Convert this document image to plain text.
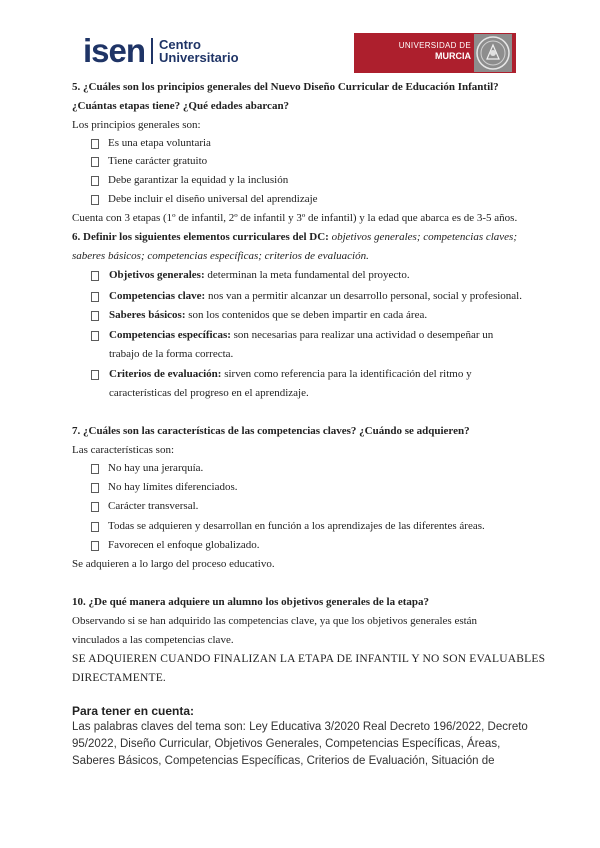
isen Centro
Universitario
UNIVERSIDAD DE
MURCIA
5. ¿Cuáles son los principios generales del Nuevo Diseño Curricular de Educación Infantil?
¿Cuántas etapas tiene? ¿Qué edades abarcan?
Los principios generales son:
Es una etapa voluntaria
Tiene carácter gratuito
Debe garantizar la equidad y la inclusión
Debe incluir el diseño universal del aprendizaje
Cuenta con 3 etapas (1º de infantil, 2º de infantil y 3º de infantil) y la edad que abarca es de 3-5 años.
6. Definir los siguientes elementos curriculares del DC: objetivos generales; competencias claves;
saberes básicos; competencias específicas; criterios de evaluación.
Objetivos generales: determinan la meta fundamental del proyecto.
Competencias clave: nos van a permitir alcanzar un desarrollo personal, social y profesional.
Saberes básicos: son los contenidos que se deben impartir en cada área.
Competencias específicas: son necesarias para realizar una actividad o desempeñar un
trabajo de la forma correcta.
Criterios de evaluación: sirven como referencia para la identificación del ritmo y
características del progreso en el aprendizaje.
7. ¿Cuáles son las características de las competencias claves? ¿Cuándo se adquieren?
Las características son:
No hay una jerarquía.
No hay límites diferenciados.
Carácter transversal.
Todas se adquieren y desarrollan en función a los aprendizajes de las diferentes áreas.
Favorecen el enfoque globalizado.
Se adquieren a lo largo del proceso educativo.
10. ¿De qué manera adquiere un alumno los objetivos generales de la etapa?
Observando si se han adquirido las competencias clave, ya que los objetivos generales están
vinculados a las competencias clave.
SE ADQUIEREN CUANDO FINALIZAN LA ETAPA DE INFANTIL Y NO SON EVALUABLES
DIRECTAMENTE.
Para tener en cuenta:
Las palabras claves del tema son: Ley Educativa 3/2020 Real Decreto 196/2022, Decreto
95/2022, Diseño Curricular, Objetivos Generales, Competencias Específicas, Áreas,
Saberes Básicos, Competencias Específicas, Criterios de Evaluación, Situación de
